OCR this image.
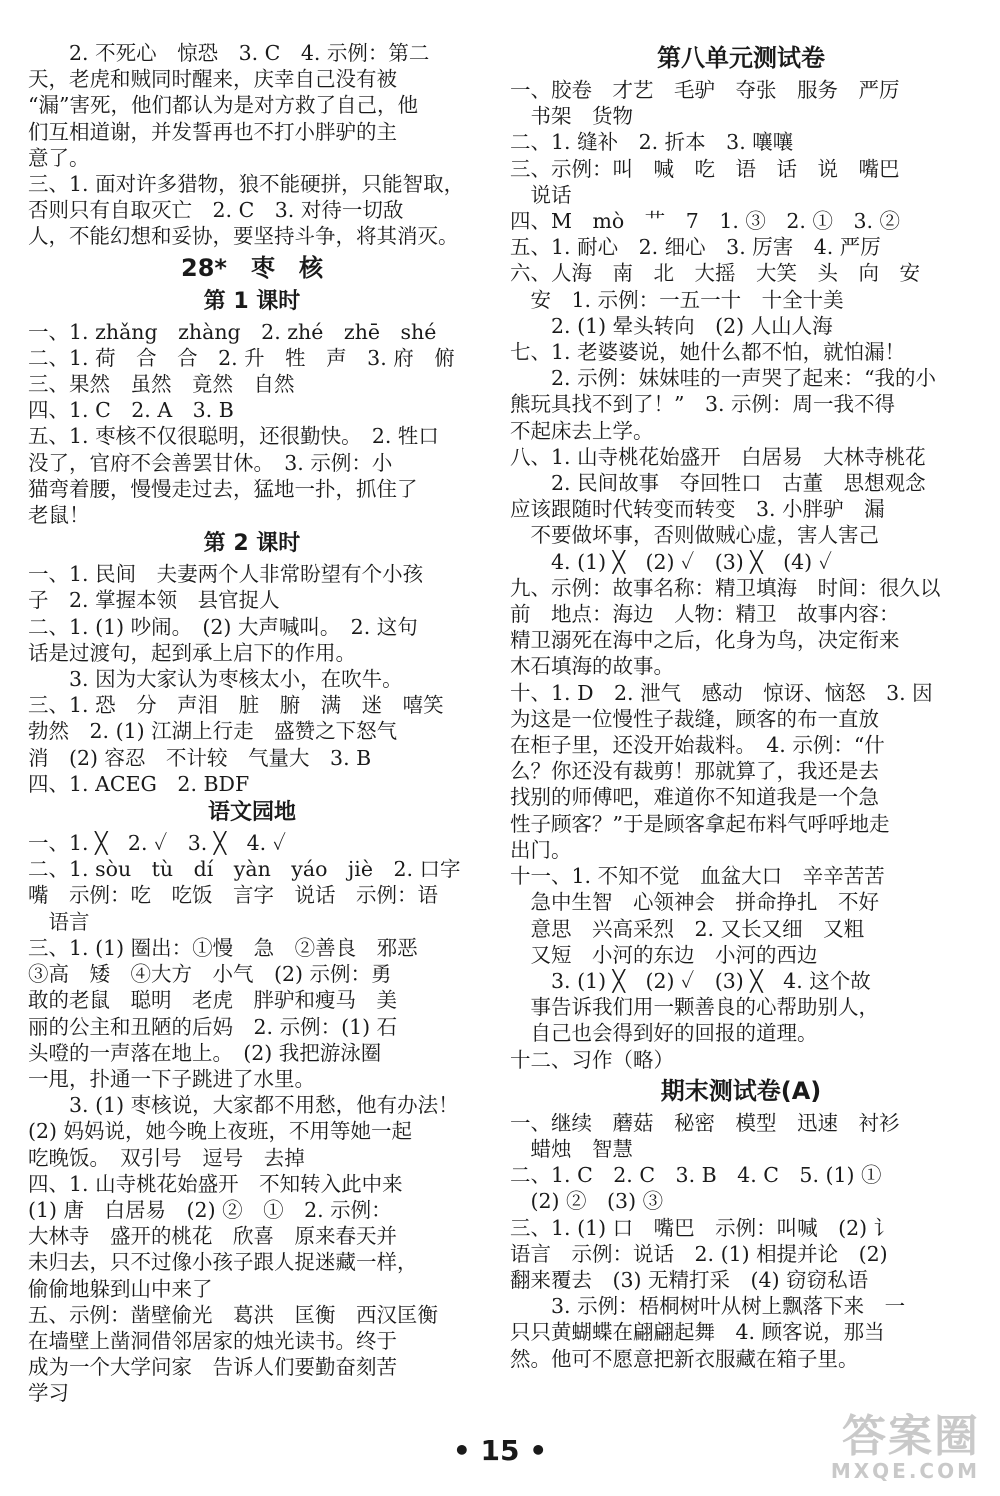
　　2. 不死心　惊恐　3. C　4. 示例：第二
天，老虎和贼同时醒来，庆幸自己没有被
“漏”害死，他们都认为是对方救了自己，他
们互相道谢，并发誓再也不打小胖驴的主
意了。
三、1. 面对许多猎物，狼不能硬拼，只能智取，
否则只有自取灭亡　2. C　3. 对待一切敌
人，不能幻想和妥协，要坚持斗争，将其消灭。
28*　枣　核
第 1 课时
一、1. zhǎng　zhàng　2. zhé　zhē　shé
二、1. 荷　合　合　2. 升　牲　声　3. 府　俯
三、果然　虽然　竟然　自然
四、1. C　2. A　3. B
五、1. 枣核不仅很聪明，还很勤快。　2. 牲口
没了，官府不会善罢甘休。　3. 示例：小
猫弯着腰，慢慢走过去，猛地一扑，抓住了
老鼠！
第 2 课时
一、1. 民间　夫妻两个人非常盼望有个小孩
子　2. 掌握本领　县官捉人
二、1. (1) 吵闹。　(2) 大声喊叫。　2. 这句
话是过渡句，起到承上启下的作用。
　　3. 因为大家认为枣核太小，在吹牛。
三、1. 恐　分　声泪　脏　腑　满　迷　嘻笑
勃然　2. (1) 江湖上行走　盛赞之下怒气
消　(2) 容忍　不计较　气量大　3. B
四、1. ACEG　2. BDF
语文园地
一、1. ╳　2. ✓　3. ╳　4. ✓
二、1. sòu　tù　dí　yàn　yáo　jiè　2. 口字
嘴　示例：吃　吃饭　言字　说话　示例：语
　语言
三、1. (1) 圈出：①慢　急　②善良　邪恶
③高　矮　④大方　小气　(2) 示例：勇
敢的老鼠　聪明　老虎　胖驴和瘦马　美
丽的公主和丑陋的后妈　2. 示例：(1) 石
头噔的一声落在地上。　(2) 我把游泳圈
一甩，扑通一下子跳进了水里。
　　3. (1) 枣核说，大家都不用愁，他有办法！
(2) 妈妈说，她今晚上夜班，不用等她一起
吃晚饭。　双引号　逗号　去掉
四、1. 山寺桃花始盛开　不知转入此中来
(1) 唐　白居易　(2) ②　①　2. 示例：
大林寺　盛开的桃花　欣喜　原来春天并
未归去，只不过像小孩子跟人捉迷藏一样，
偷偷地躲到山中来了
五、示例：凿壁偷光　葛洪　匡衡　西汉匡衡
在墙壁上凿洞借邻居家的烛光读书。终于
成为一个大学问家　告诉人们要勤奋刻苦
学习
第八单元测试卷
一、胶卷　才艺　毛驴　夺张　服务　严厉
　书架　货物
二、1. 缝补　2. 折本　3. 嚷嚷
三、示例：叫　喊　吃　语　话　说　嘴巴
　说话
四、M　mò　艹　7　1. ③　2. ①　3. ②
五、1. 耐心　2. 细心　3. 厉害　4. 严厉
六、人海　南　北　大摇　大笑　头　向　安
　安　1. 示例：一五一十　十全十美
　　2. (1) 晕头转向　(2) 人山人海
七、1. 老婆婆说，她什么都不怕，就怕漏！
　　2. 示例：妹妹哇的一声哭了起来：“我的小
熊玩具找不到了！”　3. 示例：周一我不得
不起床去上学。
八、1. 山寺桃花始盛开　白居易　大林寺桃花
　　2. 民间故事　夺回牲口　古董　思想观念
应该跟随时代转变而转变　3. 小胖驴　漏
　不要做坏事，否则做贼心虚，害人害己
　　4. (1) ╳　(2) ✓　(3) ╳　(4) ✓
九、示例：故事名称：精卫填海　时间：很久以
前　地点：海边　人物：精卫　故事内容：
精卫溺死在海中之后，化身为鸟，决定衔来
木石填海的故事。
十、1. D　2. 泄气　感动　惊讶、恼怒　3. 因
为这是一位慢性子裁缝，顾客的布一直放
在柜子里，还没开始裁料。　4. 示例：“什
么？你还没有裁剪！那就算了，我还是去
找别的师傅吧，难道你不知道我是一个急
性子顾客？”于是顾客拿起布料气呼呼地走
出门。
十一、1. 不知不觉　血盆大口　辛辛苦苦
　急中生智　心领神会　拼命挣扎　不好
　意思　兴高采烈　2. 又长又细　又粗
　又短　小河的东边　小河的西边
　　3. (1) ╳　(2) ✓　(3) ╳　4. 这个故
　事告诉我们用一颗善良的心帮助别人，
　自己也会得到好的回报的道理。
十二、习作（略）
期末测试卷(A)
一、继续　蘑菇　秘密　模型　迅速　衬衫
　蜡烛　智慧
二、1. C　2. C　3. B　4. C　5. (1) ①
　(2) ②　(3) ③
三、1. (1) 口　嘴巴　示例：叫喊　(2) 讠
语言　示例：说话　2. (1) 相提并论　(2)
翻来覆去　(3) 无精打采　(4) 窃窃私语
　　3. 示例：梧桐树叶从树上飘落下来　一
只只黄蝴蝶在翩翩起舞　4. 顾客说，那当
然。他可不愿意把新衣服藏在箱子里。
• 15 •	答案圈
MXQE.COM
